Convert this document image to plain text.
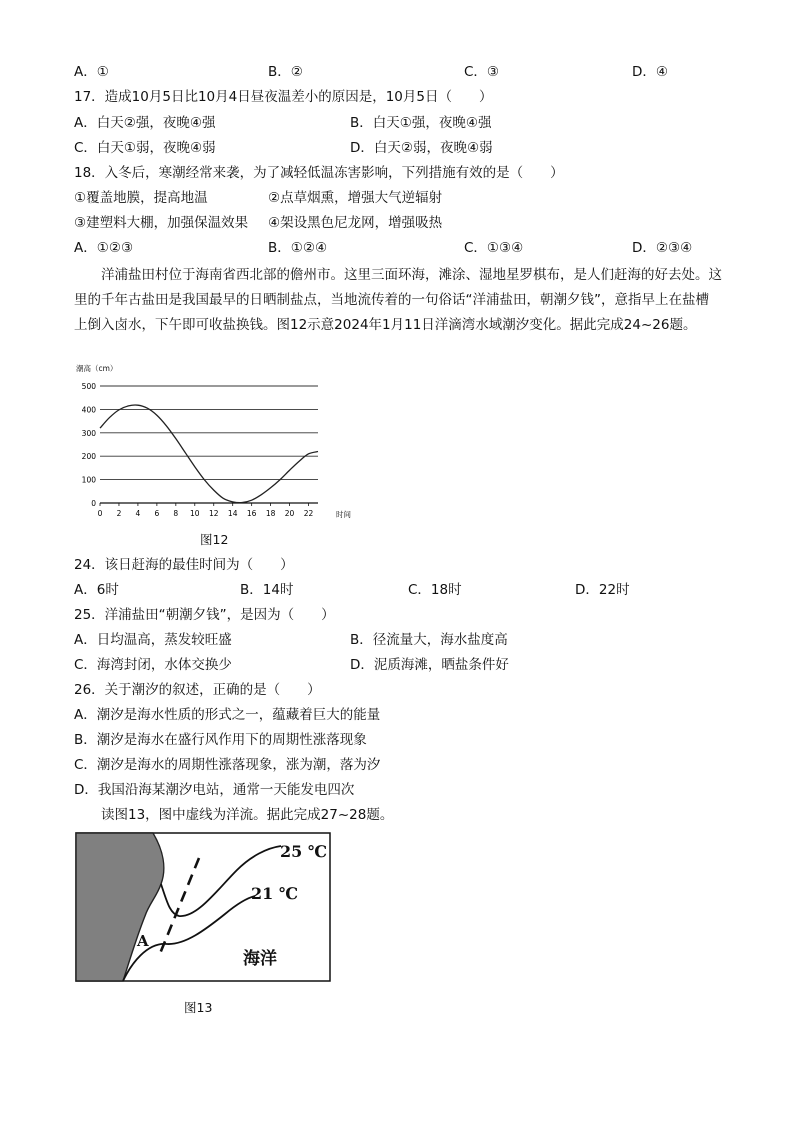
A．①	B．②	C．③	D．④
17．造成10月5日比10月4日昼夜温差小的原因是，10月5日（　　）
A．白天②强，夜晚④强	B．白天①强，夜晚④强
C．白天①弱，夜晚④弱	D．白天②弱，夜晚④弱
18．入冬后，寒潮经常来袭，为了减轻低温冻害影响，下列措施有效的是（　　）
①覆盖地膜，提高地温	②点草烟熏，增强大气逆辐射
③建塑料大棚，加强保温效果 ④架设黑色尼龙网，增强吸热
A．①②③	B．①②④	C．①③④	D．②③④
洋浦盐田村位于海南省西北部的儋州市。这里三面环海，滩涂、湿地星罗棋布，是人们赶海的好去处。这里的千年古盐田是我国最早的日晒制盐点，当地流传着的一句俗话“洋浦盐田，朝潮夕钱”，意指早上在盐槽上倒入卤水，下午即可收盐换钱。图12示意2024年1月11日洋滴湾水域潮汐变化。据此完成24~26题。
潮高（cm）
时间
0
100
200
300
400
500
0 2 4 6 8 10 12 14 16 18 20 22
图12
24．该日赶海的最佳时间为（　　）
A．6时	B．14时	C．18时	D．22时
25．洋浦盐田“朝潮夕钱”，是因为（　　）
A．日均温高，蒸发较旺盛	B．径流量大，海水盐度高
C．海湾封闭，水体交换少	D．泥质海滩，晒盐条件好
26．关于潮汐的叙述，正确的是（　　）
A．潮汐是海水性质的形式之一，蕴藏着巨大的能量
B．潮汐是海水在盛行风作用下的周期性涨落现象
C．潮汐是海水的周期性涨落现象，涨为潮，落为汐
D．我国沿海某潮汐电站，通常一天能发电四次
读图13，图中虚线为洋流。据此完成27~28题。
25 ℃
21 ℃
A
海洋
图13
